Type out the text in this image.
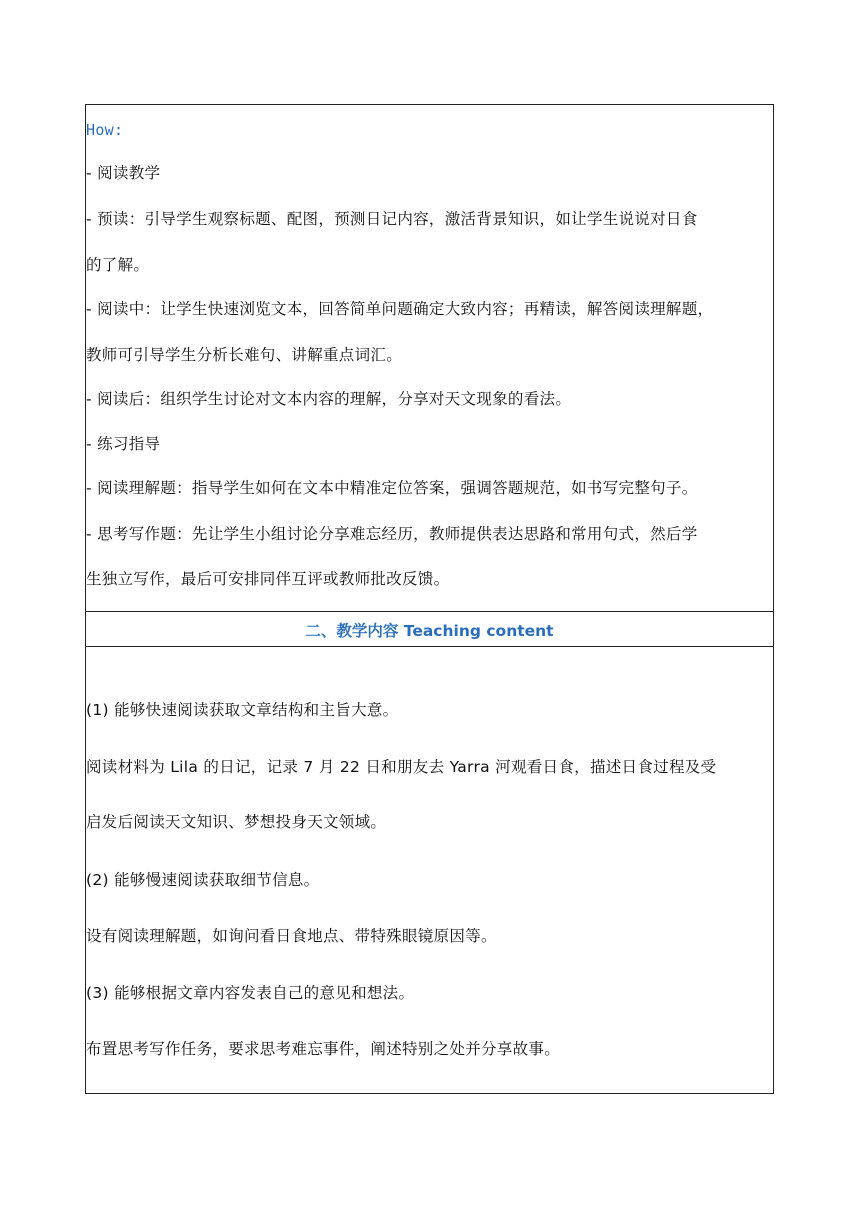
How:
- 阅读教学
- 预读：引导学生观察标题、配图，预测日记内容，激活背景知识，如让学生说说对日食
的了解。
- 阅读中：让学生快速浏览文本，回答简单问题确定大致内容；再精读，解答阅读理解题，
教师可引导学生分析长难句、讲解重点词汇。
- 阅读后：组织学生讨论对文本内容的理解，分享对天文现象的看法。
- 练习指导
- 阅读理解题：指导学生如何在文本中精准定位答案，强调答题规范，如书写完整句子。
- 思考写作题：先让学生小组讨论分享难忘经历，教师提供表达思路和常用句式，然后学
生独立写作，最后可安排同伴互评或教师批改反馈。
二、教学内容 Teaching content
(1) 能够快速阅读获取文章结构和主旨大意。
阅读材料为 Lila 的日记，记录 7 月 22 日和朋友去 Yarra 河观看日食，描述日食过程及受
启发后阅读天文知识、梦想投身天文领域。
(2) 能够慢速阅读获取细节信息。
设有阅读理解题，如询问看日食地点、带特殊眼镜原因等。
(3) 能够根据文章内容发表自己的意见和想法。
布置思考写作任务，要求思考难忘事件，阐述特别之处并分享故事。
